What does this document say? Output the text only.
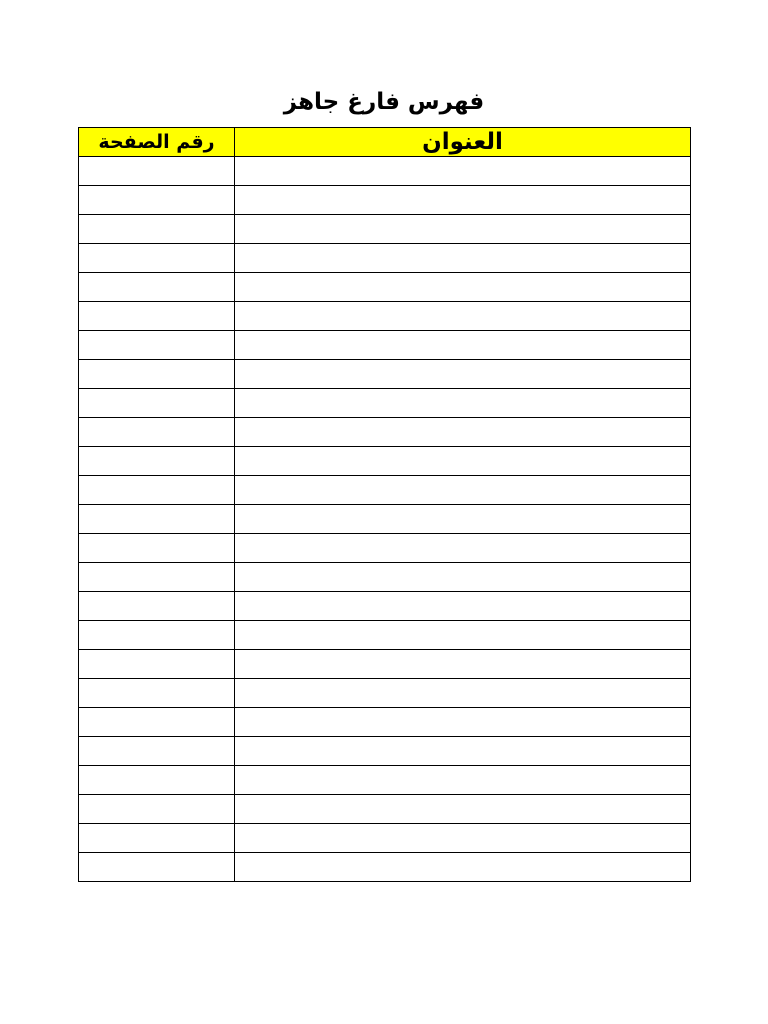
فهرس فارغ جاهز
رقم الصفحة	العنوان
